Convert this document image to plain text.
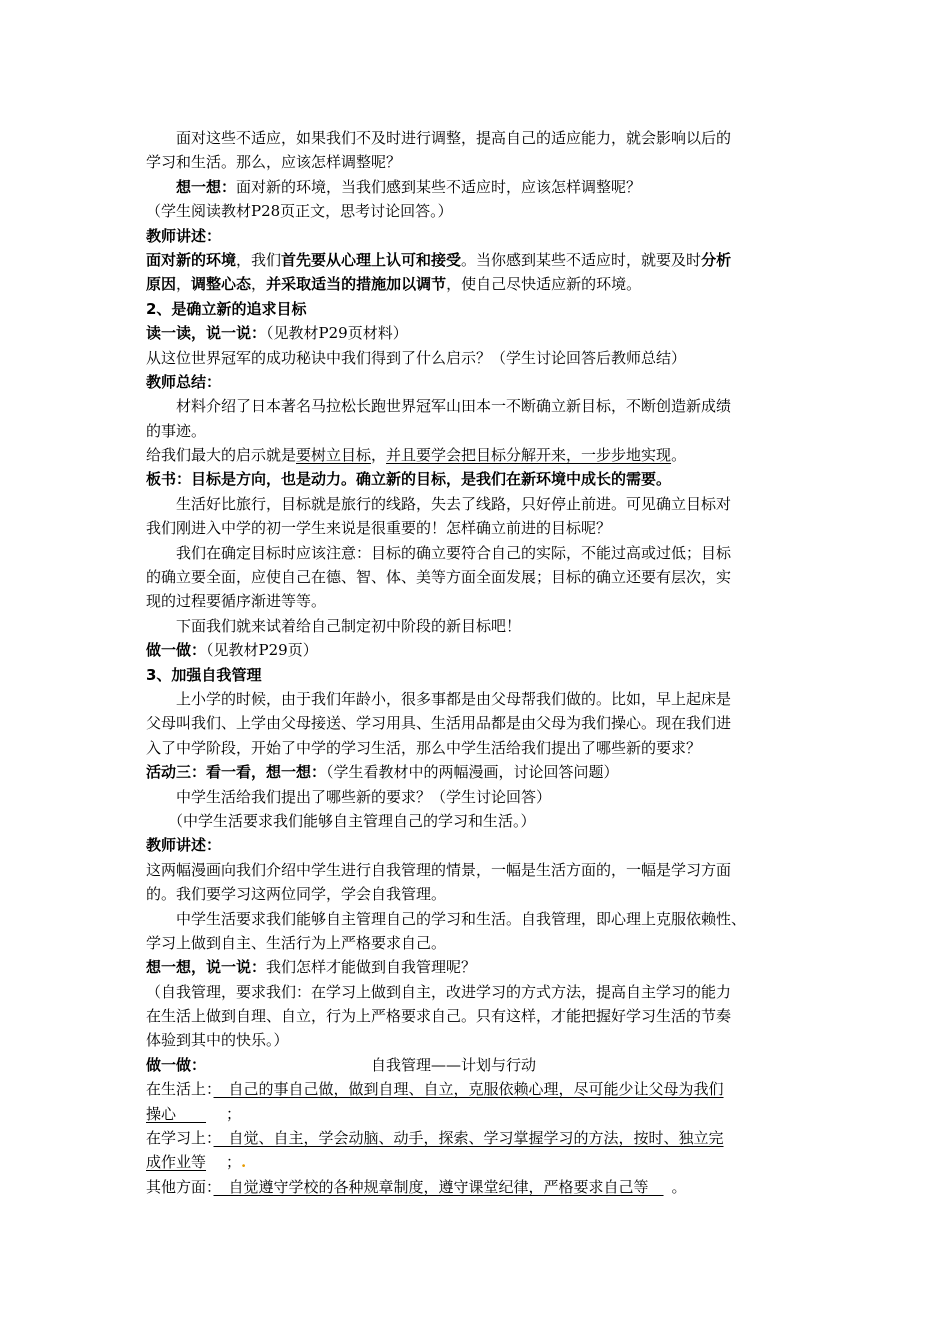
面对这些不适应，如果我们不及时进行调整，提高自己的适应能力，就会影响以后的
学习和生活。那么，应该怎样调整呢？
想一想：面对新的环境，当我们感到某些不适应时，应该怎样调整呢？
（学生阅读教材P28页正文，思考讨论回答。）
教师讲述：
面对新的环境，我们首先要从心理上认可和接受。当你感到某些不适应时，就要及时分析
原因，调整心态，并采取适当的措施加以调节，使自己尽快适应新的环境。
2、是确立新的追求目标
读一读，说一说：（见教材P29页材料）
从这位世界冠军的成功秘诀中我们得到了什么启示？（学生讨论回答后教师总结）
教师总结：
材料介绍了日本著名马拉松长跑世界冠军山田本一不断确立新目标，不断创造新成绩
的事迹。
给我们最大的启示就是要树立目标，并且要学会把目标分解开来，一步步地实现。
板书：目标是方向，也是动力。确立新的目标，是我们在新环境中成长的需要。
生活好比旅行，目标就是旅行的线路，失去了线路，只好停止前进。可见确立目标对
我们刚进入中学的初一学生来说是很重要的！怎样确立前进的目标呢？
我们在确定目标时应该注意：目标的确立要符合自己的实际，不能过高或过低；目标
的确立要全面，应使自己在德、智、体、美等方面全面发展；目标的确立还要有层次，实
现的过程要循序渐进等等。
下面我们就来试着给自己制定初中阶段的新目标吧！
做一做：（见教材P29页）
3、加强自我管理
上小学的时候，由于我们年龄小，很多事都是由父母帮我们做的。比如，早上起床是
父母叫我们、上学由父母接送、学习用具、生活用品都是由父母为我们操心。现在我们进
入了中学阶段，开始了中学的学习生活，那么中学生活给我们提出了哪些新的要求？
活动三：看一看，想一想：（学生看教材中的两幅漫画，讨论回答问题）
中学生活给我们提出了哪些新的要求？（学生讨论回答）
（中学生活要求我们能够自主管理自己的学习和生活。）
教师讲述：
这两幅漫画向我们介绍中学生进行自我管理的情景，一幅是生活方面的，一幅是学习方面
的。我们要学习这两位同学，学会自我管理。
中学生活要求我们能够自主管理自己的学习和生活。自我管理，即心理上克服依赖性、
学习上做到自主、生活行为上严格要求自己。
想一想，说一说：我们怎样才能做到自我管理呢？
（自我管理，要求我们：在学习上做到自主，改进学习的方式方法，提高自主学习的能力
在生活上做到自理、自立，行为上严格要求自己。只有这样，才能把握好学习生活的节奏
体验到其中的快乐。）
做一做：	自我管理——计划与行动
在生活上：　自己的事自己做，做到自理、自立，克服依赖心理，尽可能少让父母为我们
操心　　；
在学习上：　自觉、自主，学会动脑、动手，探索、学习掌握学习的方法，按时、独立完
成作业等 ；.
其他方面：　自觉遵守学校的各种规章制度，遵守课堂纪律，严格要求自己等　。
